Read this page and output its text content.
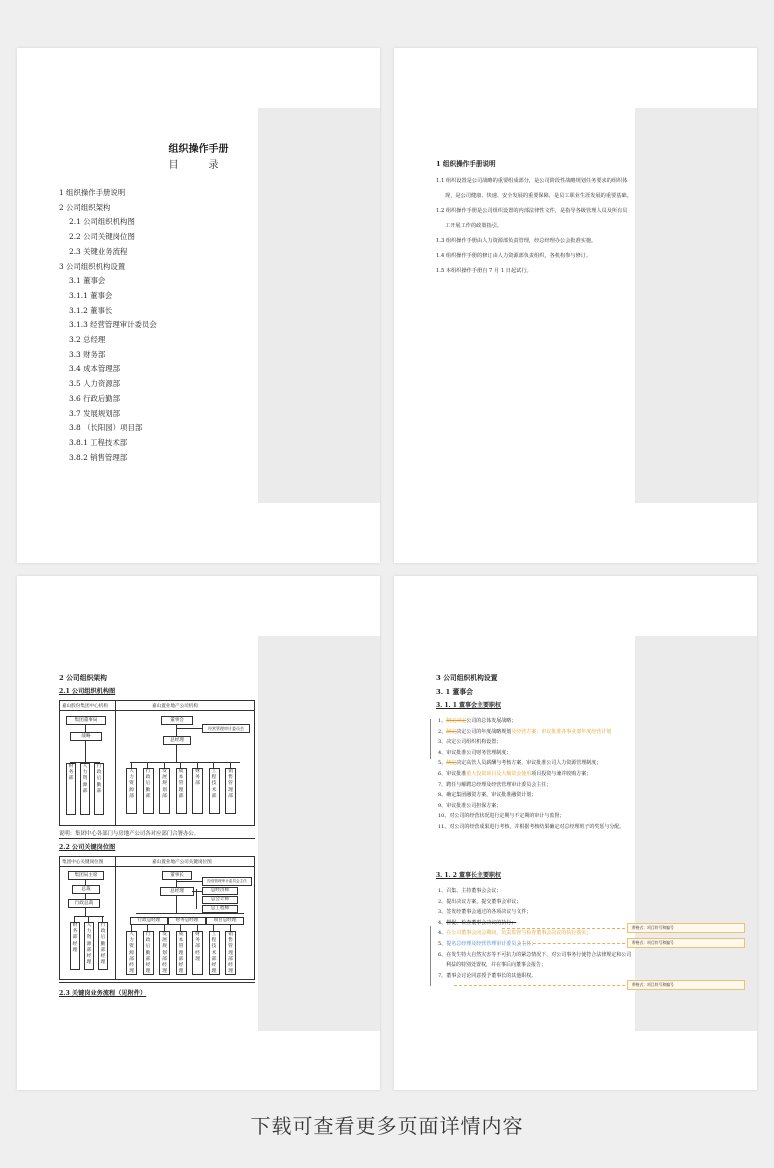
组织操作手册
目　录
1 组织操作手册说明
2 公司组织架构
2.1 公司组织机构图
2.2 公司关键岗位图
2.3 关键业务流程
3 公司组织机构设置
3.1 董事会
3.1.1 董事会
3.1.2 董事长
3.1.3 经营管理审计委员会
3.2 总经理
3.3 财务部
3.4 成本管理部
3.5 人力资源部
3.6 行政后勤部
3.7 发展规划部
3.8 （长阳园）项目部
3.8.1 工程技术部
3.8.2 销售管理部
1 组织操作手册说明
1.1 组织设置是公司战略的重要组成部分，是公司阶段性战略规划任务要求的组织体现，是公司健康、快速、安全发展的重要保障，是员工职业生涯发展的重要基础。
1.2 组织操作手册是公司组织设置的内部法律性文件，是指导各级管理人员及所有员工开展工作的政策指引。
1.3 组织操作手册由人力资源部负责管理，经总经理办公会批准实施。
1.4 组织操作手册的修订由人力资源部负责组织，各机构参与修订。
1.5 本组织操作手册自 7 月 1 日起试行。
2 公司组织架构
2.1 公司组织机构图
嘉山股份集团中心机构	嘉山置业地产公司机构
集团董事局
战略
董事会
经营管理审计委员会
总经理
财务部
人力资源部
行政后勤部
人力资源部
行政后勤部
发展规划部
成本管理部
财务部
工程技术部
销售管理部
说明：集团中心各部门与房地产公司各对应部门合署办公。
2.2 公司关键岗位图
集团中心关键岗位图	嘉山置业地产公司关键岗位图
集团局主席
总裁
行政总裁
董事长
经营管理审计委员会主任
总经理
财务部经理
人力资源部经理
行政后勤部经理
总经济师
总会计师
总工程师
行政总经理	财务总经理	项目总经理
人力资源部经理
行政后勤部经理
发展规划部经理
成本管理部经理
财务部经理
工程技术部经理
销售管理部经理
2.3 关键岗业务流程（见附件）
3 公司组织机构设置
3. 1 董事会
3. 1. 1 董事会主要职权
1、制定决定公司的总体发展战略；
2、制定决定公司的年度战略规划及经营方案；审议批准各事业部年度经营计划
3、决定公司组织机构设置；
4、审议批准公司财务管理制度；
5、制定决定高管人员薪酬与考核方案，审议批准公司人力资源管理制度；
6、审议批准重大投资项目及大额资金使用项目投资与兼并收购方案；
7、聘任与解聘总经理及经营管理审计委员会主任；
8、确定集团融资方案，审议批准融资计划；
9、审议批准公司担保方案；
10、对公司的经营状况进行定期与不定期的审计与监督；
11、对公司的经营成果进行考核，并根据考核结果确定对总经理班子的奖惩与分配。
3. 1. 2 董事长主要职权
1、召集、主持董事会会议；
2、提出决议方案，提交董事会审议；
3、签发经董事会通过的各项决议与文件；
4、督促、检查董事会决议的执行；
4、在公司董事会闭会期间，负责监督与检查董事会决议的执行落实；
5、提名总经理及经营管理审计委员会主任；
6、在发生特大自然灾害等不可抗力的紧急情况下，对公司事务行使符合法律规定和公司利益的特别处置权，并在事后向董事会报告；
7、董事会讨论同意授予董事长的其他职权。
带格式：项目符号和编号
带格式：项目符号和编号
带格式：项目符号和编号
下载可查看更多页面详情内容
